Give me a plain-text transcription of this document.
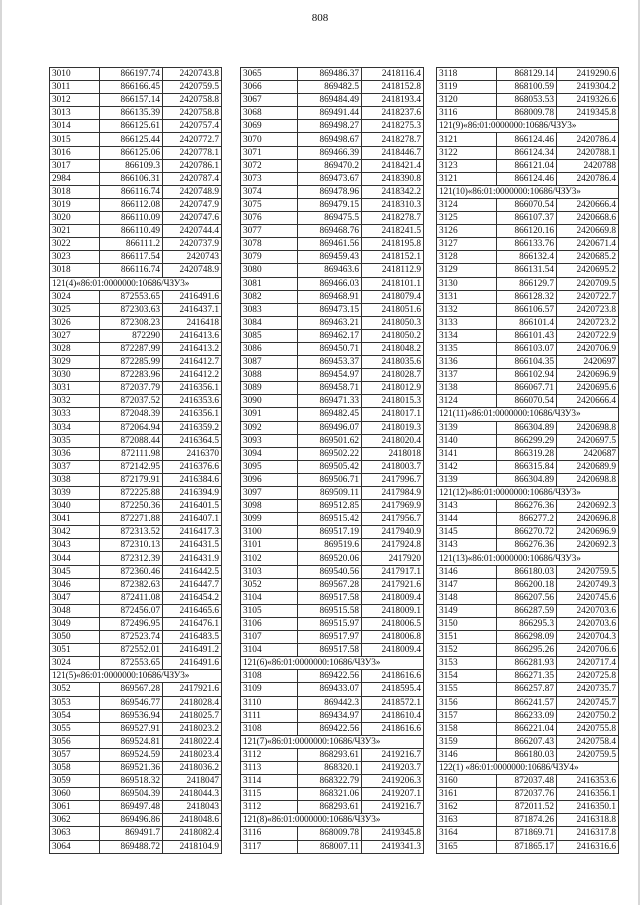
808
3010	866197.74	2420743.8
3011	866166.45	2420759.5
3012	866157.14	2420758.8
3013	866135.39	2420758.8
3014	866125.61	2420757.4
3015	866125.44	2420772.7
3016	866125.06	2420778.1
3017	866109.3	2420786.1
2984	866106.31	2420787.4
3018	866116.74	2420748.9
3019	866112.08	2420747.9
3020	866110.09	2420747.6
3021	866110.49	2420744.4
3022	866111.2	2420737.9
3023	866117.54	2420743
3018	866116.74	2420748.9
121(4)«86:01:0000000:10686/ЧЗУ3»		
3024	872553.65	2416491.6
3025	872303.63	2416437.1
3026	872308.23	2416418
3027	872290	2416413.6
3028	872287.99	2416413.2
3029	872285.99	2416412.7
3030	872283.96	2416412.2
3031	872037.79	2416356.1
3032	872037.52	2416353.6
3033	872048.39	2416356.1
3034	872064.94	2416359.2
3035	872088.44	2416364.5
3036	872111.98	2416370
3037	872142.95	2416376.6
3038	872179.91	2416384.6
3039	872225.88	2416394.9
3040	872250.36	2416401.5
3041	872271.88	2416407.1
3042	872313.52	2416417.3
3043	872310.13	2416431.5
3044	872312.39	2416431.9
3045	872360.46	2416442.5
3046	872382.63	2416447.7
3047	872411.08	2416454.2
3048	872456.07	2416465.6
3049	872496.95	2416476.1
3050	872523.74	2416483.5
3051	872552.01	2416491.2
3024	872553.65	2416491.6
121(5)«86:01:0000000:10686/ЧЗУ3»		
3052	869567.28	2417921.6
3053	869546.77	2418028.4
3054	869536.94	2418025.7
3055	869527.91	2418023.2
3056	869524.81	2418022.4
3057	869524.59	2418023.4
3058	869521.36	2418036.2
3059	869518.32	2418047
3060	869504.39	2418044.3
3061	869497.48	2418043
3062	869496.86	2418048.6
3063	869491.7	2418082.4
3064	869488.72	2418104.9
3065	869486.37	2418116.4
3066	869482.5	2418152.8
3067	869484.49	2418193.4
3068	869491.44	2418237.6
3069	869498.27	2418275.3
3070	869498.67	2418278.7
3071	869466.39	2418446.7
3072	869470.2	2418421.4
3073	869473.67	2418390.8
3074	869478.96	2418342.2
3075	869479.15	2418310.3
3076	869475.5	2418278.7
3077	869468.76	2418241.5
3078	869461.56	2418195.8
3079	869459.43	2418152.1
3080	869463.6	2418112.9
3081	869466.03	2418101.1
3082	869468.91	2418079.4
3083	869473.15	2418051.6
3084	869463.21	2418050.3
3085	869462.17	2418050.2
3086	869450.71	2418048.2
3087	869453.37	2418035.6
3088	869454.97	2418028.7
3089	869458.71	2418012.9
3090	869471.33	2418015.3
3091	869482.45	2418017.1
3092	869496.07	2418019.3
3093	869501.62	2418020.4
3094	869502.22	2418018
3095	869505.42	2418003.7
3096	869506.71	2417996.7
3097	869509.11	2417984.9
3098	869512.85	2417969.9
3099	869515.42	2417956.7
3100	869517.19	2417940.9
3101	869519.6	2417924.8
3102	869520.06	2417920
3103	869540.56	2417917.1
3052	869567.28	2417921.6
3104	869517.58	2418009.4
3105	869515.58	2418009.1
3106	869515.97	2418006.5
3107	869517.97	2418006.8
3104	869517.58	2418009.4
121(6)«86:01:0000000:10686/ЧЗУ3»		
3108	869422.56	2418616.6
3109	869433.07	2418595.4
3110	869442.3	2418572.1
3111	869434.97	2418610.4
3108	869422.56	2418616.6
121(7)«86:01:0000000:10686/ЧЗУ3»		
3112	868293.61	2419216.7
3113	868320.1	2419203.7
3114	868322.79	2419206.3
3115	868321.06	2419207.1
3112	868293.61	2419216.7
121(8)«86:01:0000000:10686/ЧЗУ3»		
3116	868009.78	2419345.8
3117	868007.11	2419341.3
3118	868129.14	2419290.6
3119	868100.59	2419304.2
3120	868053.53	2419326.6
3116	868009.78	2419345.8
121(9)«86:01:0000000:10686/ЧЗУ3»		
3121	866124.46	2420786.4
3122	866124.34	2420788.1
3123	866121.04	2420788
3121	866124.46	2420786.4
121(10)«86:01:0000000:10686/ЧЗУ3»		
3124	866070.54	2420666.4
3125	866107.37	2420668.6
3126	866120.16	2420669.8
3127	866133.76	2420671.4
3128	866132.4	2420685.2
3129	866131.54	2420695.2
3130	866129.7	2420709.5
3131	866128.32	2420722.7
3132	866106.57	2420723.8
3133	866101.4	2420723.2
3134	866101.43	2420722.9
3135	866103.07	2420706.9
3136	866104.35	2420697
3137	866102.94	2420696.9
3138	866067.71	2420695.6
3124	866070.54	2420666.4
121(11)«86:01:0000000:10686/ЧЗУ3»		
3139	866304.89	2420698.8
3140	866299.29	2420697.5
3141	866319.28	2420687
3142	866315.84	2420689.9
3139	866304.89	2420698.8
121(12)«86:01:0000000:10686/ЧЗУ3»		
3143	866276.36	2420692.3
3144	866277.2	2420696.8
3145	866270.72	2420696.9
3143	866276.36	2420692.3
121(13)«86:01:0000000:10686/ЧЗУ3»		
3146	866180.03	2420759.5
3147	866200.18	2420749.3
3148	866207.56	2420745.6
3149	866287.59	2420703.6
3150	866295.3	2420703.6
3151	866298.09	2420704.3
3152	866295.26	2420706.6
3153	866281.93	2420717.4
3154	866271.35	2420725.8
3155	866257.87	2420735.7
3156	866241.57	2420745.7
3157	866233.09	2420750.2
3158	866221.04	2420755.8
3159	866207.43	2420758.4
3146	866180.03	2420759.5
122(1) «86:01:0000000:10686/ЧЗУ4»		
3160	872037.48	2416353.6
3161	872037.76	2416356.1
3162	872011.52	2416350.1
3163	871874.26	2416318.8
3164	871869.71	2416317.8
3165	871865.17	2416316.6
